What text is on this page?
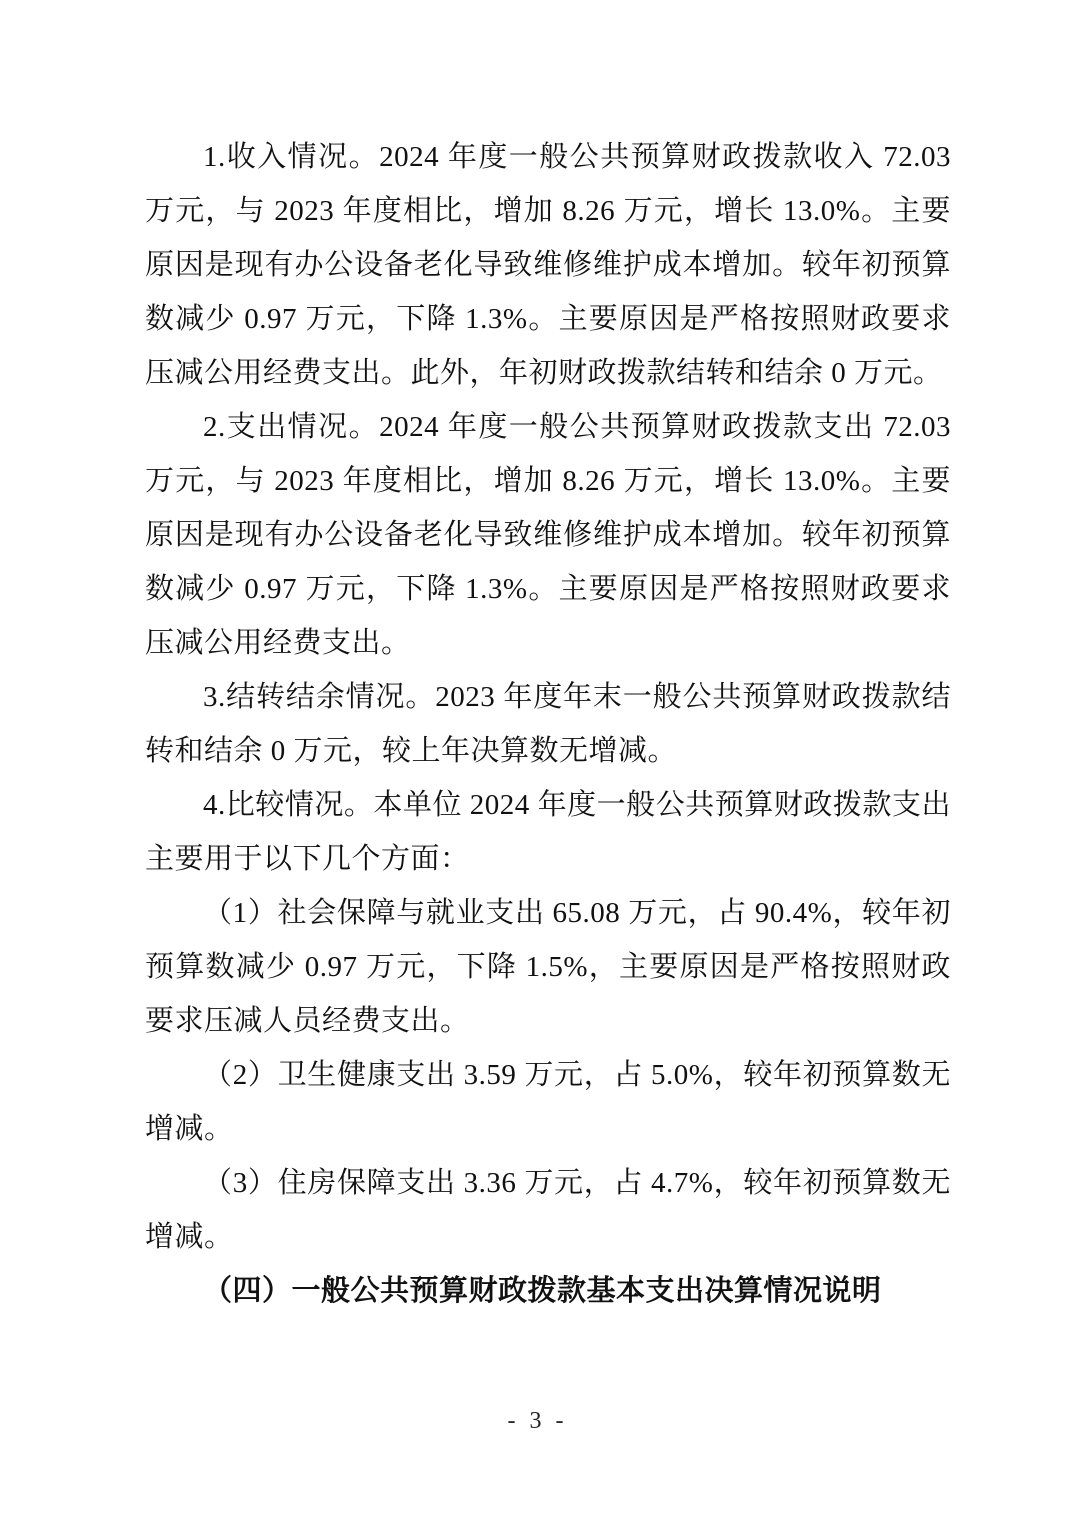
1.收入情况。2024 年度一般公共预算财政拨款收入 72.03 万元，与 2023 年度相比，增加 8.26 万元，增长 13.0%。主要原因是现有办公设备老化导致维修维护成本增加。较年初预算数减少 0.97 万元，下降 1.3%。主要原因是严格按照财政要求压减公用经费支出。此外，年初财政拨款结转和结余 0 万元。

2.支出情况。2024 年度一般公共预算财政拨款支出 72.03 万元，与 2023 年度相比，增加 8.26 万元，增长 13.0%。主要原因是现有办公设备老化导致维修维护成本增加。较年初预算数减少 0.97 万元，下降 1.3%。主要原因是严格按照财政要求压减公用经费支出。

3.结转结余情况。2023 年度年末一般公共预算财政拨款结转和结余 0 万元，较上年决算数无增减。

4.比较情况。本单位 2024 年度一般公共预算财政拨款支出主要用于以下几个方面：

（1）社会保障与就业支出 65.08 万元，占 90.4%，较年初预算数减少 0.97 万元，下降 1.5%，主要原因是严格按照财政要求压减人员经费支出。

（2）卫生健康支出 3.59 万元，占 5.0%，较年初预算数无增减。

（3）住房保障支出 3.36 万元，占 4.7%，较年初预算数无增减。

（四）一般公共预算财政拨款基本支出决算情况说明

- 3 -
